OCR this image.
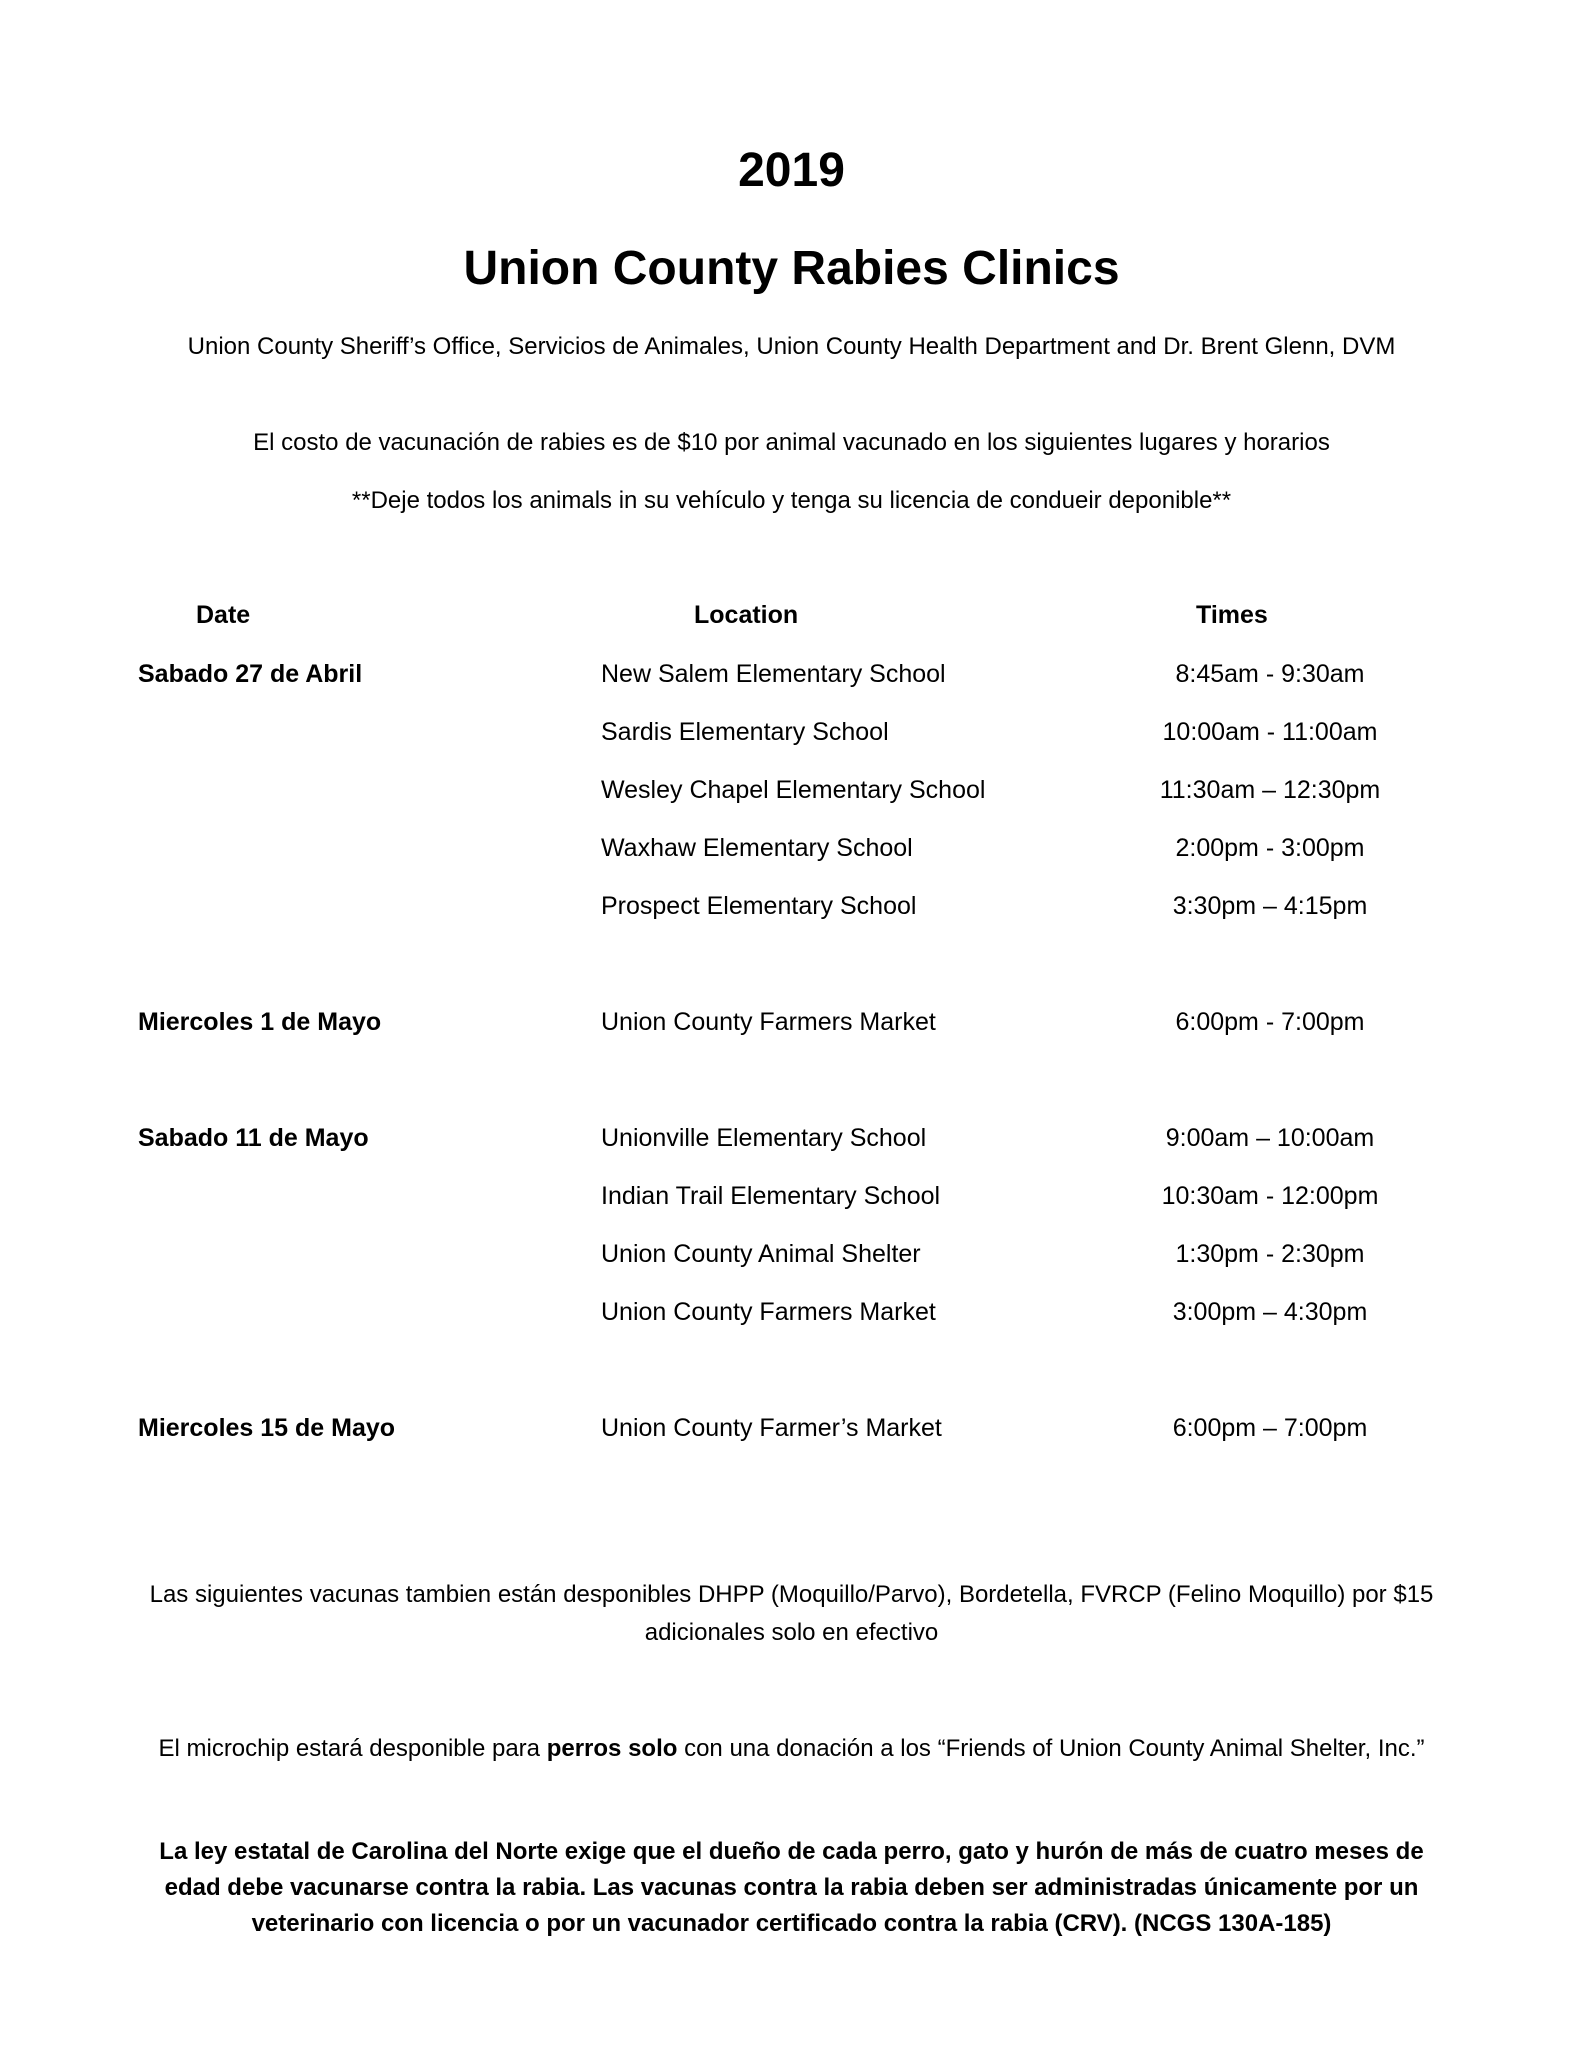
2019
Union County Rabies Clinics
Union County Sheriff’s Office, Servicios de Animales, Union County Health Department and Dr. Brent Glenn, DVM
El costo de vacunación de rabies es de $10 por animal vacunado en los siguientes lugares y horarios
**Deje todos los animals in su vehículo y tenga su licencia de condueir deponible**
Date	Location	Times
Sabado 27 de Abril	New Salem Elementary School	8:45am - 9:30am
Sardis Elementary School	10:00am - 11:00am
Wesley Chapel Elementary School	11:30am – 12:30pm
Waxhaw Elementary School	2:00pm - 3:00pm
Prospect Elementary School	3:30pm – 4:15pm
Miercoles 1 de Mayo	Union County Farmers Market	6:00pm - 7:00pm
Sabado 11 de Mayo	Unionville Elementary School	9:00am – 10:00am
Indian Trail Elementary School	10:30am - 12:00pm
Union County Animal Shelter	1:30pm - 2:30pm
Union County Farmers Market	3:00pm – 4:30pm
Miercoles 15 de Mayo	Union County Farmer’s Market	6:00pm – 7:00pm
Las siguientes vacunas tambien están desponibles DHPP (Moquillo/Parvo), Bordetella, FVRCP (Felino Moquillo) por $15 adicionales solo en efectivo
El microchip estará desponible para perros solo con una donación a los “Friends of Union County Animal Shelter, Inc.”
La ley estatal de Carolina del Norte exige que el dueño de cada perro, gato y hurón de más de cuatro meses de edad debe vacunarse contra la rabia. Las vacunas contra la rabia deben ser administradas únicamente por un veterinario con licencia o por un vacunador certificado contra la rabia (CRV). (NCGS 130A-185)
